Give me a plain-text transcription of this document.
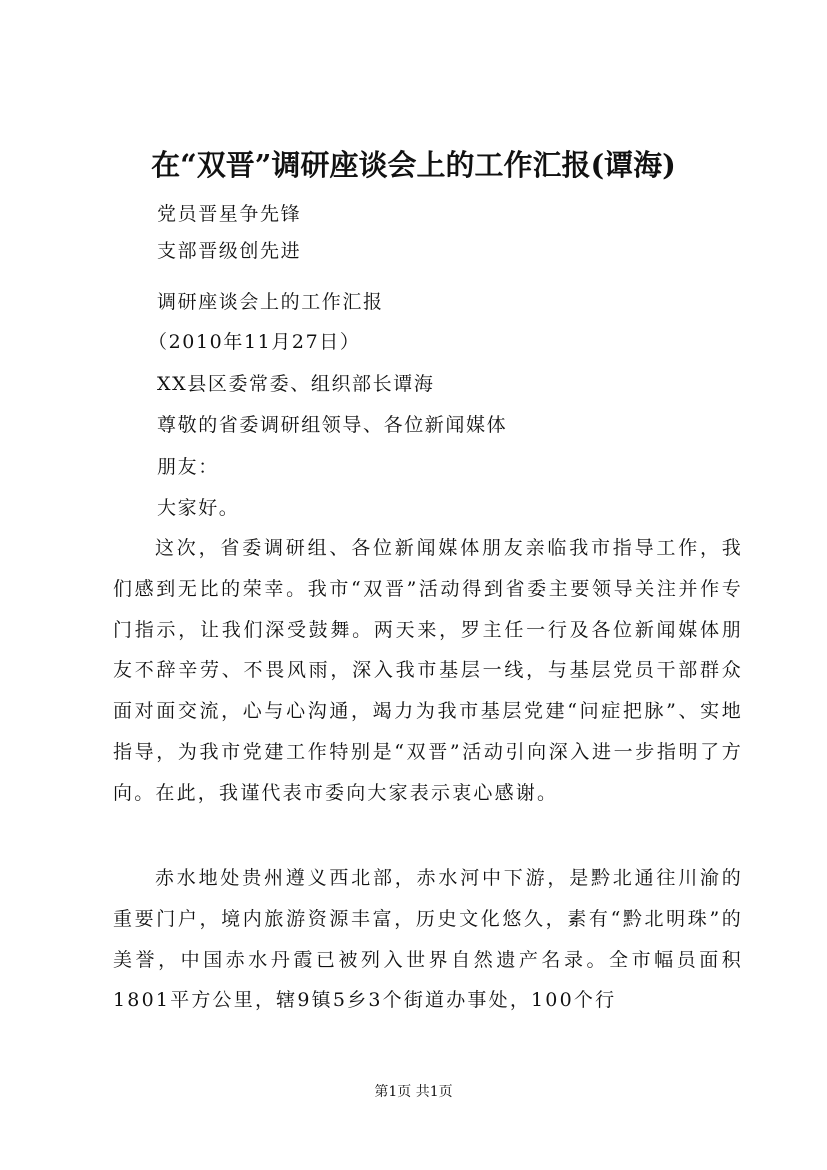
在“双晋”调研座谈会上的工作汇报(谭海)
党员晋星争先锋
支部晋级创先进
调研座谈会上的工作汇报
（2010年11月27日）
XX县区委常委、组织部长谭海
尊敬的省委调研组领导、各位新闻媒体
朋友：
大家好。
这次，省委调研组、各位新闻媒体朋友亲临我市指导工作，我们感到无比的荣幸。我市“双晋”活动得到省委主要领导关注并作专门指示，让我们深受鼓舞。两天来，罗主任一行及各位新闻媒体朋友不辞辛劳、不畏风雨，深入我市基层一线，与基层党员干部群众面对面交流，心与心沟通，竭力为我市基层党建“问症把脉”、实地指导，为我市党建工作特别是“双晋”活动引向深入进一步指明了方向。在此，我谨代表市委向大家表示衷心感谢。
赤水地处贵州遵义西北部，赤水河中下游，是黔北通往川渝的重要门户，境内旅游资源丰富，历史文化悠久，素有“黔北明珠”的美誉，中国赤水丹霞已被列入世界自然遗产名录。全市幅员面积1801平方公里，辖9镇5乡3个街道办事处，100个行
第1页 共1页
